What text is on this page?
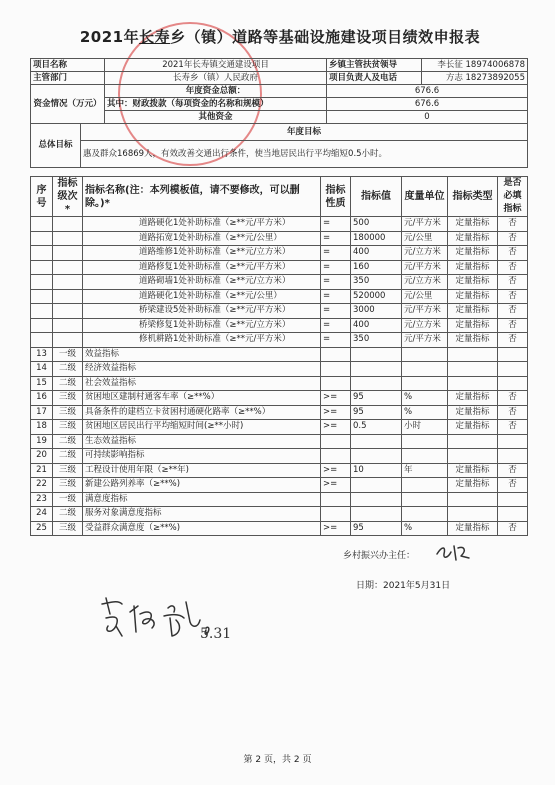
2021年长寿乡（镇）道路等基础设施建设项目绩效申报表
项目名称		2021年长寿镇交通建设项目	乡镇主管扶贫领导	李长征 18974006878
主管部门		长寿乡（镇）人民政府	项目负责人及电话	方志 18273892055
资金情况（万元）		年度资金总额：	676.6	
		其中：财政拨款（每项资金的名称和规模）	676.6	
		其他资金	0	
总体目标	年度目标			
	惠及群众16869人，有效改善交通出行条件，使当地居民出行平均缩短0.5小时。			
序号	指标级次*	指标名称(注：本列模板值，请不要修改，可以删除。)*	指标性质	指标值	度量单位	指标类型	是否必填指标
		道路硬化1处补助标准（≥**元/平方米）	=	500	元/平方米	定量指标	否
		道路拓宽1处补助标准（≥**元/公里）	=	180000	元/公里	定量指标	否
		道路维修1处补助标准（≥**元/立方米）	=	400	元/立方米	定量指标	否
		道路修复1处补助标准（≥**元/平方米）	=	160	元/平方米	定量指标	否
		道路砌墙1处补助标准（≥**元/立方米）	=	350	元/立方米	定量指标	否
		道路硬化1处补助标准（≥**元/公里）	=	520000	元/公里	定量指标	否
		桥梁建设5处补助标准（≥**元/平方米）	=	3000	元/平方米	定量指标	否
		桥梁修复1处补助标准（≥**元/立方米）	=	400	元/立方米	定量指标	否
		修机耕路1处补助标准（≥**元/平方米）	=	350	元/平方米	定量指标	否
13	一级	效益指标					
14	二级	经济效益指标					
15	二级	社会效益指标					
16	三级	贫困地区建制村通客车率（≥**%）	>=	95	%	定量指标	否
17	三级	具备条件的建档立卡贫困村通硬化路率（≥**%）	>=	95	%	定量指标	否
18	三级	贫困地区居民出行平均缩短时间(≥**小时)	>=	0.5	小时	定量指标	否
19	二级	生态效益指标					
20	二级	可持续影响指标					
21	三级	工程设计使用年限（≥**年)	>=	10	年	定量指标	否
22	三级	新建公路列养率（≥**%)	>=			定量指标	否
23	一级	满意度指标					
24	二级	服务对象满意度指标					
25	三级	受益群众满意度（≥**%)	>=	95	%	定量指标	否
乡村振兴办主任：
日期：2021年5月31日
5.31
第 2 页，共 2 页
